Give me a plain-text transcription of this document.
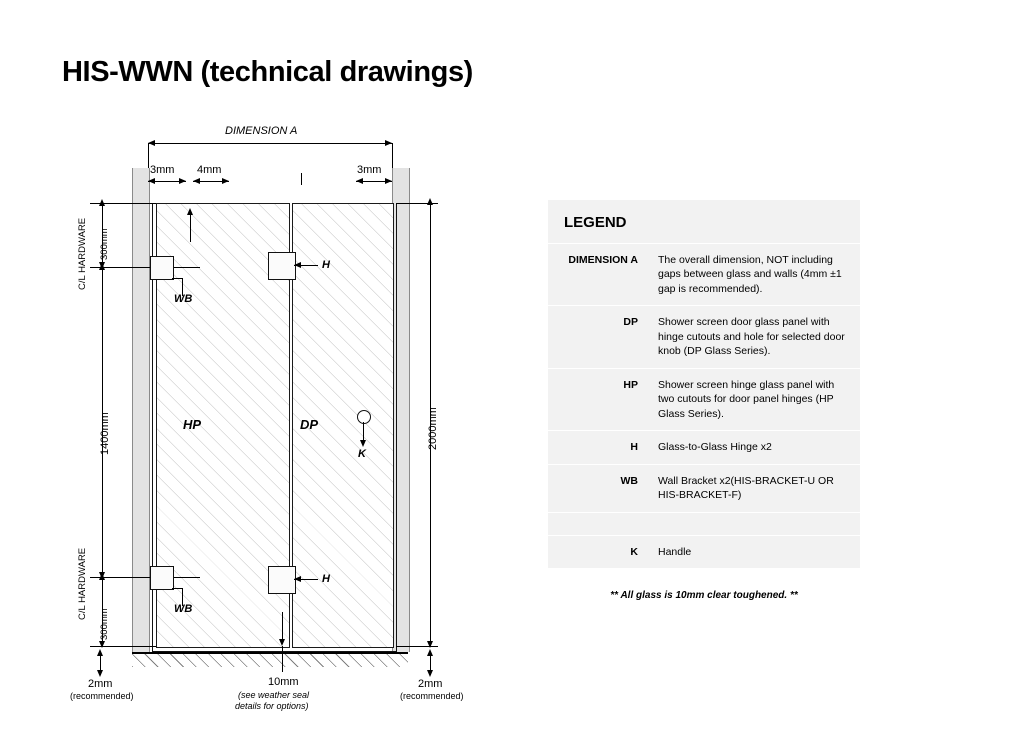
HIS-WWN (technical drawings)
DIMENSION A
3mm 4mm	3mm
2000mm
300mm
1400mm
300mm
C/L HARDWARE
C/L HARDWARE
H
WB
H
WB
HP	DP
K
2mm
(recommended)
10mm
(see weather seal
details for options)
2mm
(recommended)
LEGEND
DIMENSION A	The overall dimension, NOT including gaps between glass and walls (4mm ±1 gap is recommended).
DP	Shower screen door glass panel with hinge cutouts and hole for selected door knob (DP Glass Series).
HP	Shower screen hinge glass panel with two cutouts for door panel hinges (HP Glass Series).
H	Glass-to-Glass Hinge x2
WB	Wall Bracket x2(HIS-BRACKET-U OR HIS-BRACKET-F)
K	Handle
** All glass is 10mm clear toughened. **
